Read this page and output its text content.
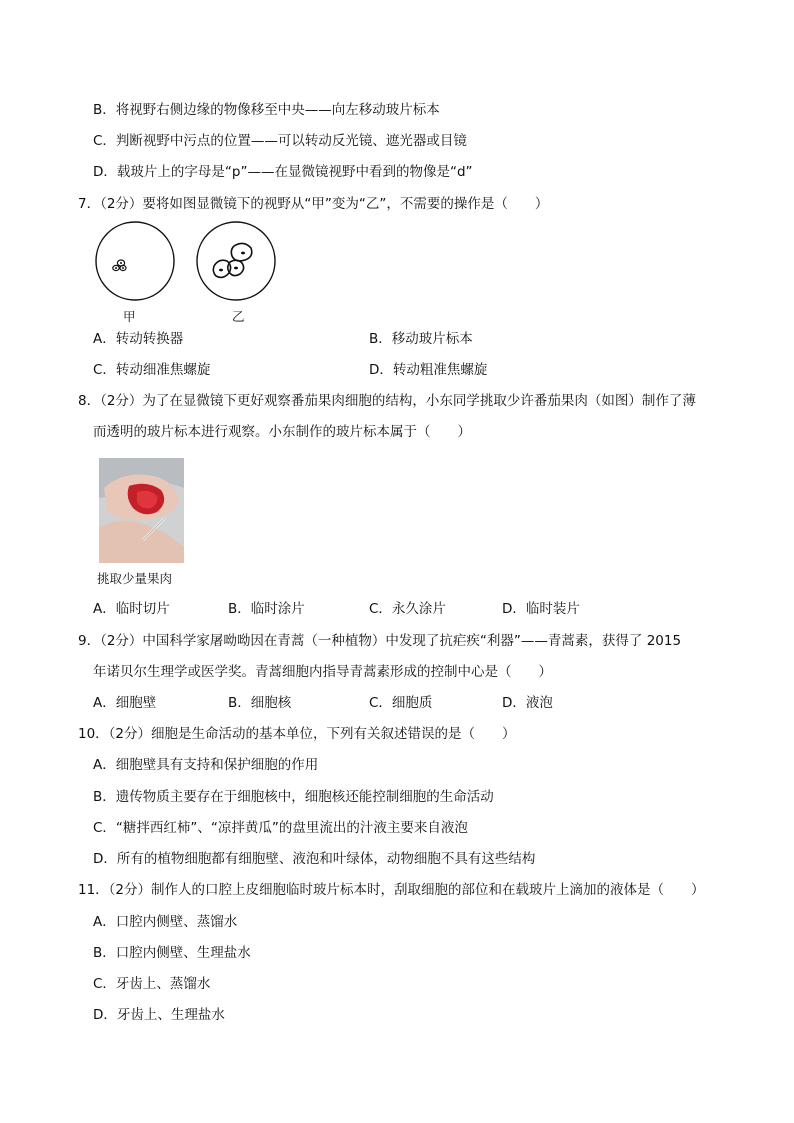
B．将视野右侧边缘的物像移至中央——向左移动玻片标本
C．判断视野中污点的位置——可以转动反光镜、遮光器或目镜
D．载玻片上的字母是“p”——在显微镜视野中看到的物像是“d”
7．（2分）要将如图显微镜下的视野从“甲”变为“乙”，不需要的操作是（　　）
甲	乙
A．转动转换器	B．移动玻片标本
C．转动细准焦螺旋	D．转动粗准焦螺旋
8．（2分）为了在显微镜下更好观察番茄果肉细胞的结构，小东同学挑取少许番茄果肉（如图）制作了薄
而透明的玻片标本进行观察。小东制作的玻片标本属于（　　）
挑取少量果肉
A．临时切片	B．临时涂片	C．永久涂片	D．临时装片
9．（2分）中国科学家屠呦呦因在青蒿（一种植物）中发现了抗疟疾“利器”——青蒿素，获得了 2015
年诺贝尔生理学或医学奖。青蒿细胞内指导青蒿素形成的控制中心是（　　）
A．细胞壁	B．细胞核	C．细胞质	D．液泡
10．（2分）细胞是生命活动的基本单位，下列有关叙述错误的是（　　）
A．细胞壁具有支持和保护细胞的作用
B．遗传物质主要存在于细胞核中，细胞核还能控制细胞的生命活动
C．“糖拌西红柿”、“凉拌黄瓜”的盘里流出的汁液主要来自液泡
D．所有的植物细胞都有细胞壁、液泡和叶绿体，动物细胞不具有这些结构
11．（2分）制作人的口腔上皮细胞临时玻片标本时，刮取细胞的部位和在载玻片上滴加的液体是（　　）
A．口腔内侧壁、蒸馏水
B．口腔内侧壁、生理盐水
C．牙齿上、蒸馏水
D．牙齿上、生理盐水
